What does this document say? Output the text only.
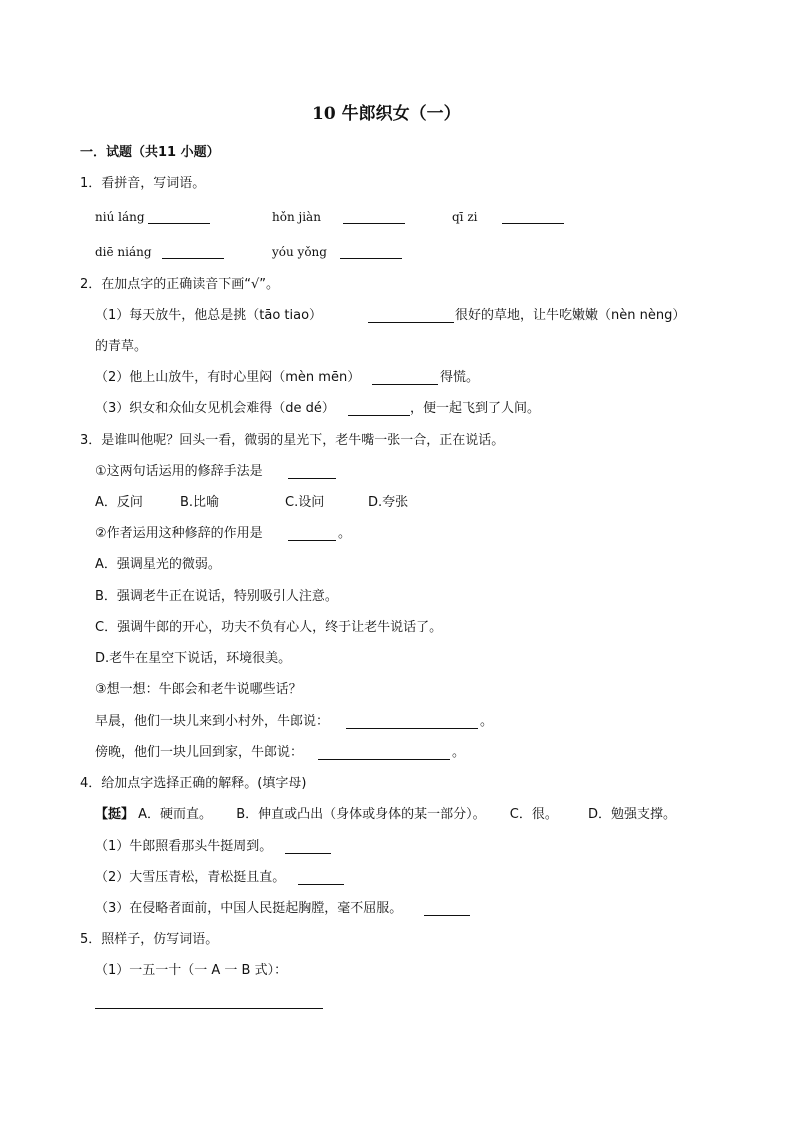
10 牛郎织女（一）
一．试题（共11 小题）
1．看拼音，写词语。
niú láng	hǒn jiàn	qī zi
diē niáng	yóu yǒng
2．在加点字的正确读音下画“√”。
（1）每天放牛，他总是挑（tāo tiao）	很好的草地，让牛吃嫩嫩（nèn nèng）
的青草。
（2）他上山放牛，有时心里闷（mèn mēn）	得慌。
（3）织女和众仙女见机会难得（de dé）	，便一起飞到了人间。
3．是谁叫他呢？回头一看，微弱的星光下，老牛嘴一张一合，正在说话。
①这两句话运用的修辞手法是
A．反问	B.比喻	C.设问	D.夸张
②作者运用这种修辞的作用是	。
A．强调星光的微弱。
B．强调老牛正在说话，特别吸引人注意。
C．强调牛郎的开心，功夫不负有心人，终于让老牛说话了。
D.老牛在星空下说话，环境很美。
③想一想：牛郎会和老牛说哪些话？
早晨，他们一块儿来到小村外，牛郎说：	。
傍晚，他们一块儿回到家，牛郎说：	。
4．给加点字选择正确的解释。(填字母)
【挺】 A．硬而直。 B．伸直或凸出（身体或身体的某一部分）。 C．很。 D．勉强支撑。
（1）牛郎照看那头牛挺周到。
（2）大雪压青松，青松挺且直。
（3）在侵略者面前，中国人民挺起胸膛，毫不屈服。
5．照样子，仿写词语。
（1）一五一十（一 A 一 B 式）：
